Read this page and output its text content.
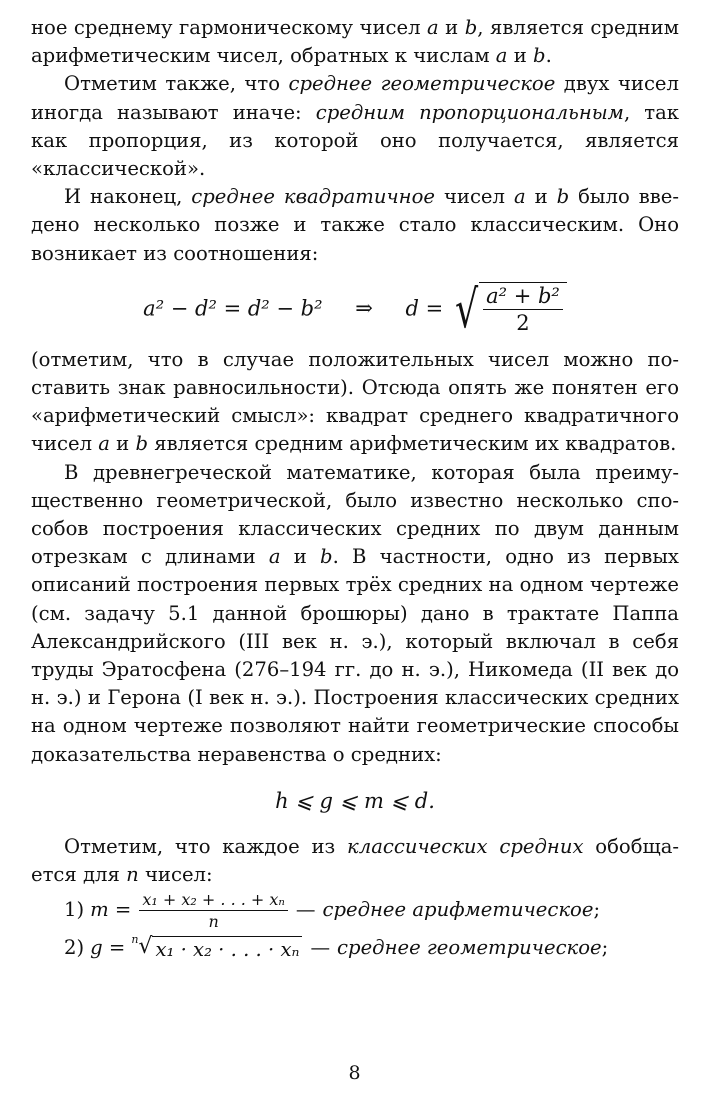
ное среднему гармоническому чисел a и b, является средним арифметическим чисел, обратных к числам a и b.

Отметим также, что среднее геометрическое двух чисел иногда называют иначе: средним пропорциональным, так как пропорция, из которой оно получается, является «классической».

И наконец, среднее квадратичное чисел a и b было введено несколько позже и также стало классическим. Оно возникает из соотношения:

a² − d² = d² − b² ⇒ d = √ $\frac{\text{a² + b²}}{2}$

(отметим, что в случае положительных чисел можно поставить знак равносильности). Отсюда опять же понятен его «арифметический смысл»: квадрат среднего квадратичного чисел a и b является средним арифметическим их квадратов.

В древнегреческой математике, которая была преимущественно геометрической, было известно несколько способов построения классических средних по двум данным отрезкам с длинами a и b. В частности, одно из первых описаний построения первых трёх средних на одном чертеже (см. задачу 5.1 данной брошюры) дано в трактате Паппа Александрийского (III век н. э.), который включал в себя труды Эратосфена (276–194 гг. до н. э.), Никомеда (II век до н. э.) и Герона (I век н. э.). Построения классических средних на одном чертеже позволяют найти геометрические способы доказательства неравенства о средних:

h ⩽ g ⩽ m ⩽ d.

Отметим, что каждое из классических средних обобщается для n чисел:

1) $m = \frac{\text{x₁ + x₂ + . . . + xₙ}}{n}$ — среднее арифметическое ;
2) g = n √ x₁ · x₂ · . . . · xₙ — среднее геометрическое ;
8
